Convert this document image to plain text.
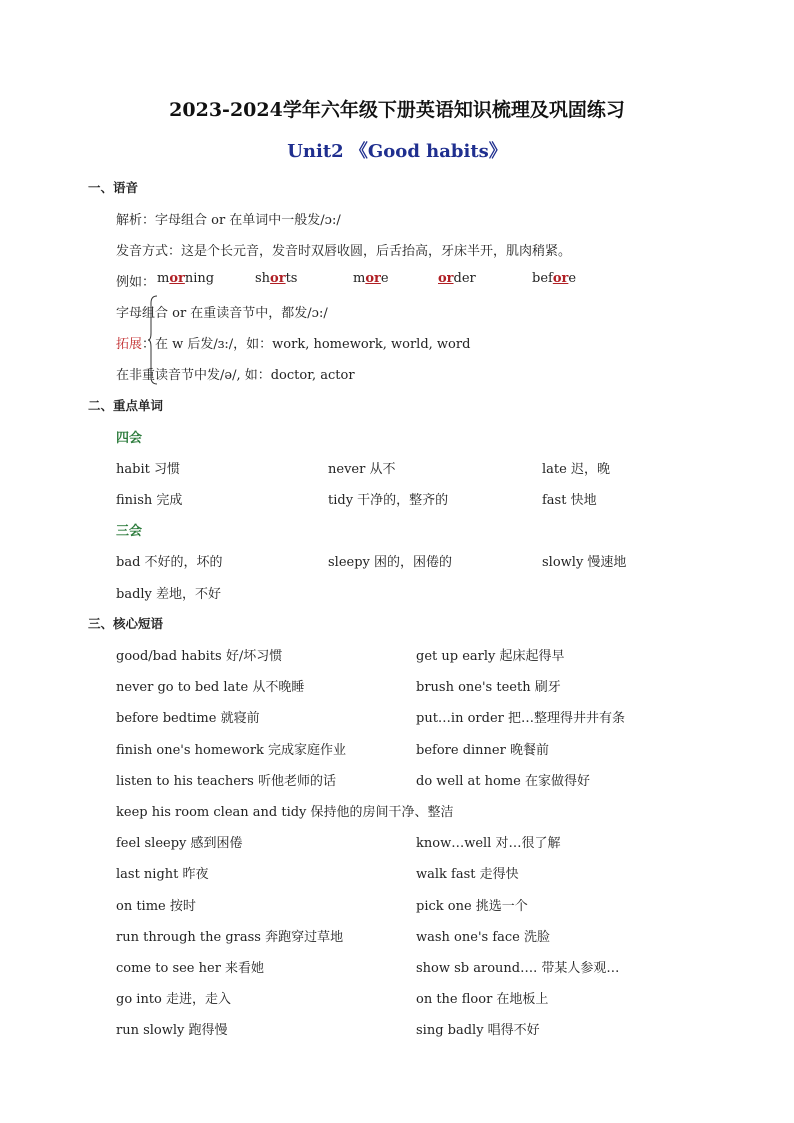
2023-2024学年六年级下册英语知识梳理及巩固练习
Unit2 《Good habits》
一、语音
解析：字母组合 or 在单词中一般发/ɔ:/
发音方式：这是个长元音，发音时双唇收圆，后舌抬高，牙床半开，肌肉稍紧。
例如： morning	shorts	more	order	before
字母组合 or 在重读音节中，都发/ɔ:/
拓展：在 w 后发/ɜ:/，如：work, homework, world, word
在非重读音节中发/ə/, 如：doctor, actor
二、重点单词
四会
habit 习惯	never 从不	late 迟，晚
finish 完成	tidy 干净的，整齐的	fast 快地
三会
bad 不好的，坏的	sleepy 困的，困倦的	slowly 慢速地
badly 差地，不好
三、核心短语
good/bad habits 好/坏习惯	get up early 起床起得早
never go to bed late 从不晚睡	brush one's teeth 刷牙
before bedtime 就寝前	put…in order 把…整理得井井有条
finish one's homework 完成家庭作业	before dinner 晚餐前
listen to his teachers 听他老师的话	do well at home 在家做得好
keep his room clean and tidy 保持他的房间干净、整洁
feel sleepy 感到困倦	know…well 对…很了解
last night 昨夜	walk fast 走得快
on time 按时	pick one 挑选一个
run through the grass 奔跑穿过草地	wash one's face 洗脸
come to see her 来看她	show sb around…. 带某人参观…
go into 走进，走入	on the floor 在地板上
run slowly 跑得慢	sing badly 唱得不好
